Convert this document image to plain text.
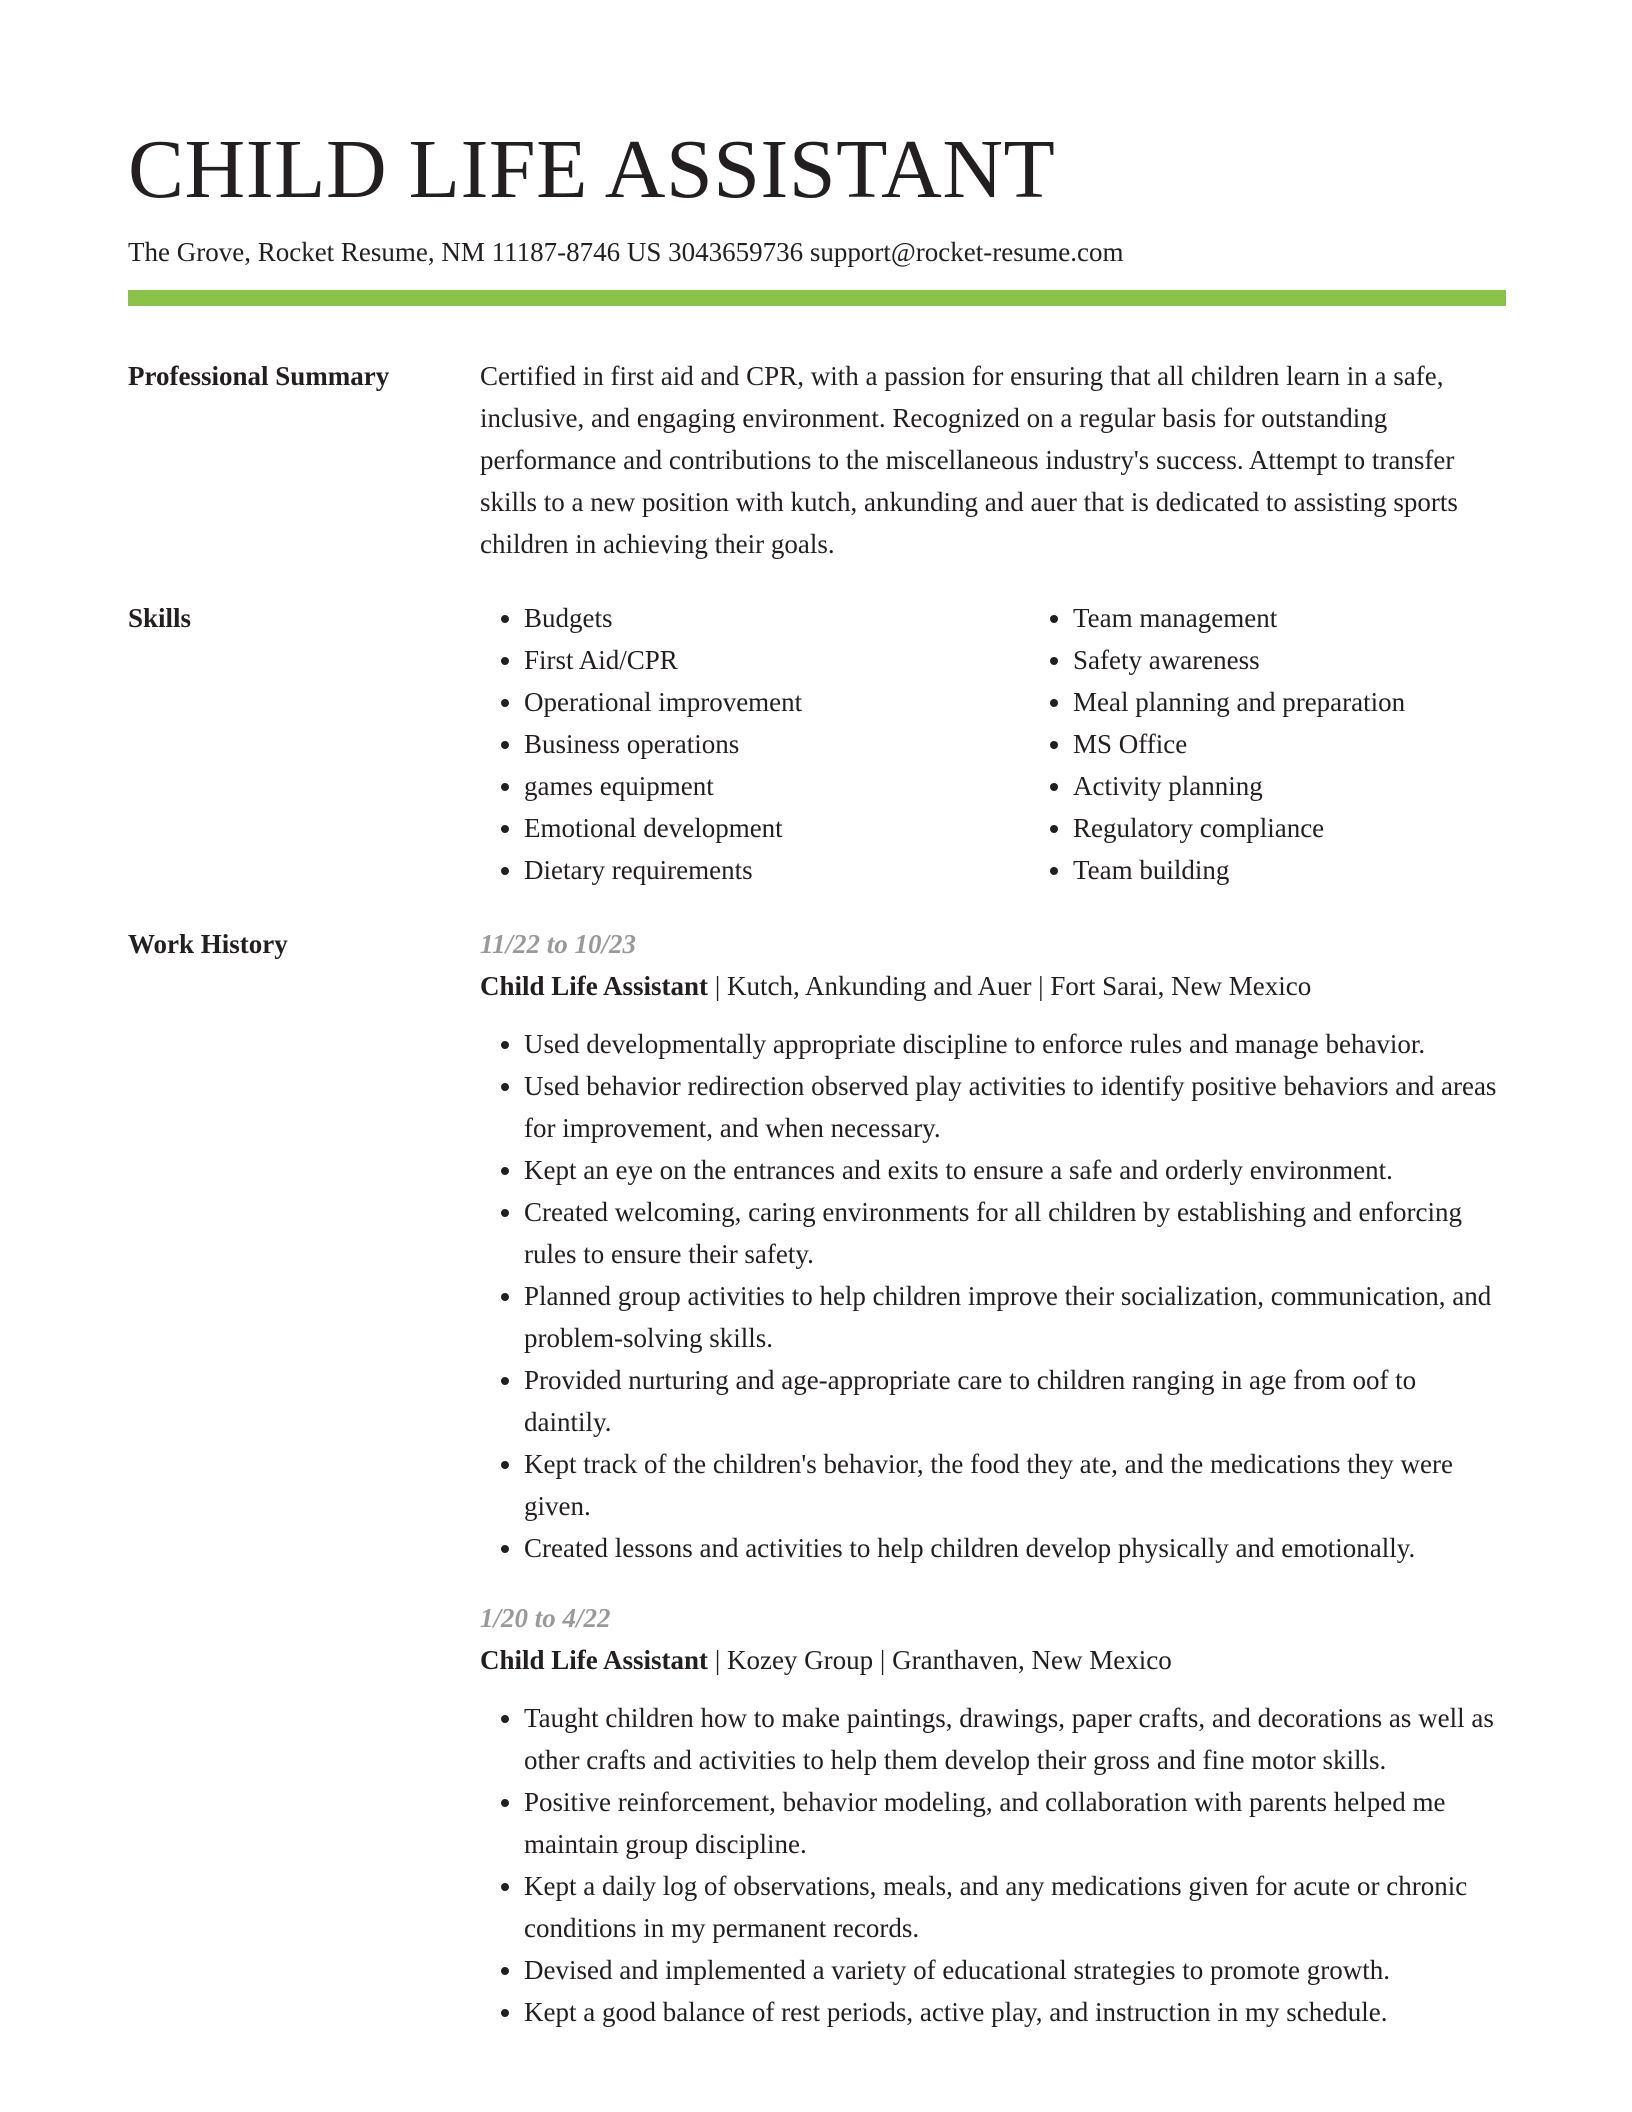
CHILD LIFE ASSISTANT
The Grove, Rocket Resume, NM 11187-8746 US 3043659736 support@rocket-resume.com
Professional Summary	Certified in first aid and CPR, with a passion for ensuring that all children learn in a safe, inclusive, and engaging environment. Recognized on a regular basis for outstanding performance and contributions to the miscellaneous industry's success. Attempt to transfer skills to a new position with kutch, ankunding and auer that is dedicated to assisting sports children in achieving their goals.

Skills
•	Budgets
• First Aid/CPR
• Operational improvement
• Business operations
• games equipment
• Emotional development
• Dietary requirements
• Team management
• Safety awareness
• Meal planning and preparation
• MS Office
• Activity planning
• Regulatory compliance
• Team building
Work History	11/22 to 10/23
Child Life Assistant | Kutch, Ankunding and Auer | Fort Sarai, New Mexico
• Used developmentally appropriate discipline to enforce rules and manage behavior.
• Used behavior redirection observed play activities to identify positive behaviors and areas for improvement, and when necessary.
• Kept an eye on the entrances and exits to ensure a safe and orderly environment.
• Created welcoming, caring environments for all children by establishing and enforcing rules to ensure their safety.
• Planned group activities to help children improve their socialization, communication, and problem-solving skills.
• Provided nurturing and age-appropriate care to children ranging in age from oof to daintily.
• Kept track of the children's behavior, the food they ate, and the medications they were given.
• Created lessons and activities to help children develop physically and emotionally.
1/20 to 4/22
Child Life Assistant | Kozey Group | Granthaven, New Mexico
• Taught children how to make paintings, drawings, paper crafts, and decorations as well as other crafts and activities to help them develop their gross and fine motor skills.
• Positive reinforcement, behavior modeling, and collaboration with parents helped me maintain group discipline.
• Kept a daily log of observations, meals, and any medications given for acute or chronic conditions in my permanent records.
• Devised and implemented a variety of educational strategies to promote growth.
• Kept a good balance of rest periods, active play, and instruction in my schedule.
